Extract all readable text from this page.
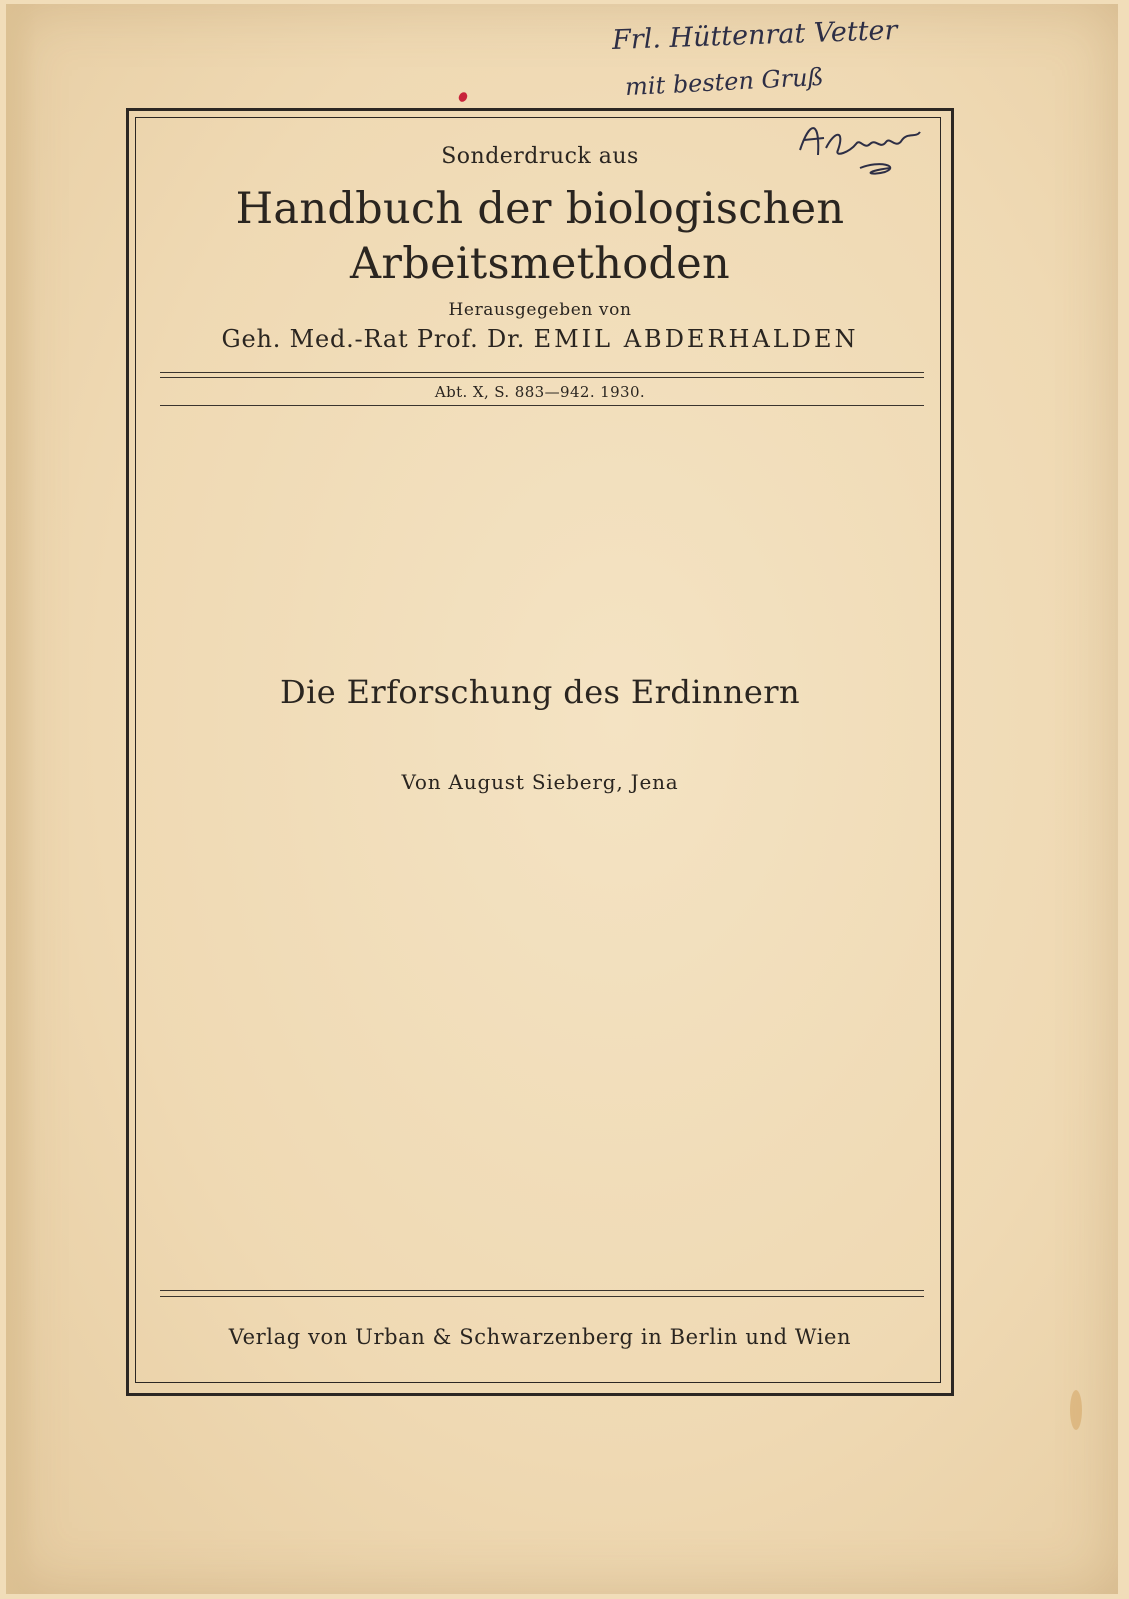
Frl. Hüttenrat Vetter
mit besten Gruß
Sonderdruck aus
Handbuch der biologischen
Arbeitsmethoden
Herausgegeben von
Geh. Med.-Rat Prof. Dr. EMIL ABDERHALDEN
Abt. X, S. 883—942. 1930.
Die Erforschung des Erdinnern
Von August Sieberg, Jena
Verlag von Urban & Schwarzenberg in Berlin und Wien
